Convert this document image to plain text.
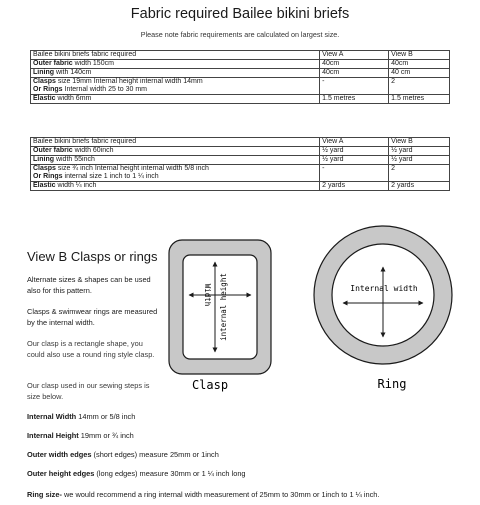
Fabric required Bailee bikini briefs
Please note fabric requirements are calculated on largest size.
Bailee bikini briefs fabric required	View A	View B
Outer fabric width 150cm	40cm	40cm
Lining with 140cm	40cm	40 cm
Clasps size 19mm Internal height internal width 14mm
Or Rings Internal width 25 to 30 mm	-	2
Elastic width 6mm	1.5 metres	1.5 metres
Bailee bikini briefs fabric required	View A	View B
Outer fabric width 60inch	½ yard	½ yard
Lining width 55inch	½ yard	½ yard
Clasps size ¾ inch Internal height internal width 5/8 inch
Or Rings internal size 1 inch to 1 ¼ inch	-	2
Elastic width ¼ inch	2 yards	2 yards
View B Clasps or rings
Alternate sizes & shapes can be used also for this pattern.
Clasps & swimwear rings are measured by the internal width.
Our clasp is a rectangle shape, you could also use a round ring style clasp.
Our clasp used in our sewing steps is size below.
Internal Width 14mm or 5/8 inch
Internal Height 19mm or ¾ inch
Outer width edges (short edges) measure 25mm or 1inch
Outer height edges (long edges) measure 30mm or 1 ¼ inch long
Ring size- we would recommend a ring internal width measurement of 25mm to 30mm or 1inch to 1 ¼ inch.
Width internal height
Clasp
Internal width
Ring
